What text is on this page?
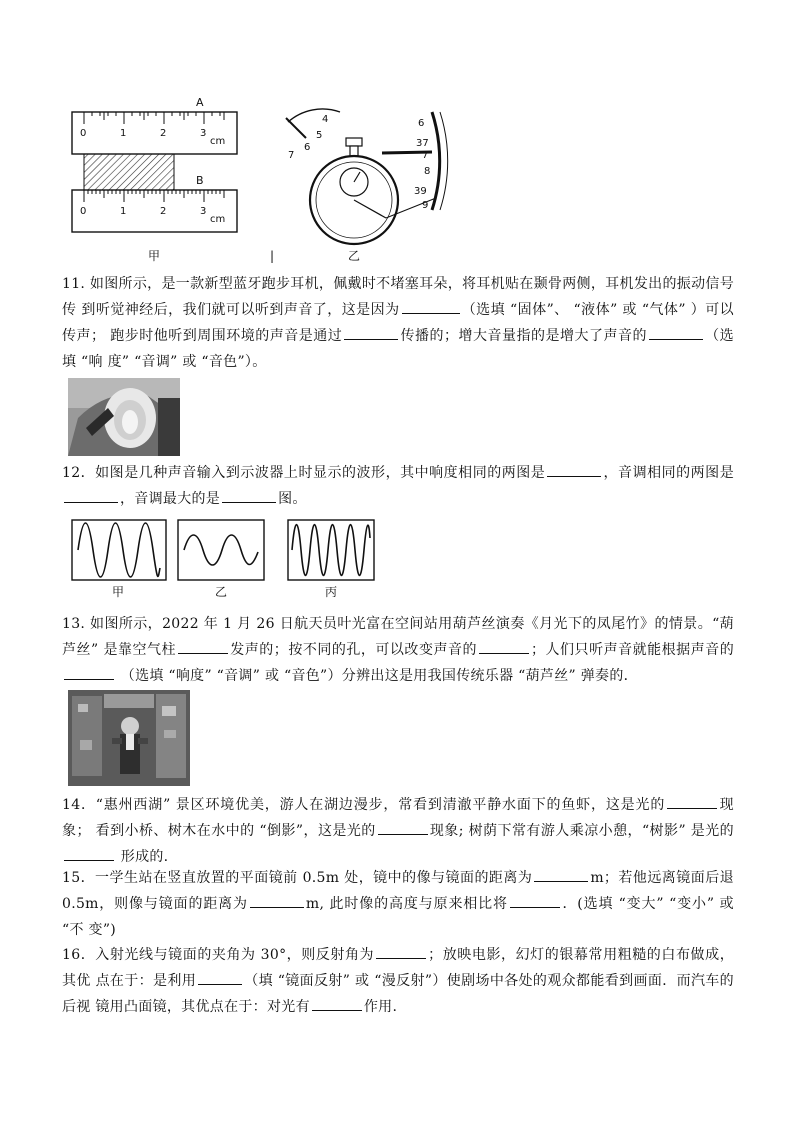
A
0	1	2	3
cm
B
0	1	2	3
cm
甲	|
4
5
6
7
6
37
7
8
39
9
乙
11. 如图所示，是一款新型蓝牙跑步耳机，佩戴时不堵塞耳朵，将耳机贴在颞骨两侧，耳机发出的振动信号传 到听觉神经后，我们就可以听到声音了，这是因为	（选填 “固体”、 “液体” 或 “气体” ）可以传声； 跑步时他听到周围环境的声音是通过	传播的；增大音量指的是增大了声音的	（选填 “响 度” “音调” 或 “音色”）。
12．如图是几种声音输入到示波器上时显示的波形，其中响度相同的两图是	，音调相同的两图是 ，音调最大的是	图。
甲	乙	丙
13. 如图所示，2022 年 1 月 26 日航天员叶光富在空间站用葫芦丝演奏《月光下的凤尾竹》的情景。“葫芦丝” 是靠空气柱	发声的；按不同的孔，可以改变声音的	；人们只听声音就能根据声音的 （选填 “响度” “音调” 或 “音色”）分辨出这是用我国传统乐器 “葫芦丝” 弹奏的．
14．“惠州西湖” 景区环境优美，游人在湖边漫步，常看到清澈平静水面下的鱼虾，这是光的	现象； 看到小桥、树木在水中的 “倒影”，这是光的	现象; 树荫下常有游人乘凉小憩，“树影” 是光的 形成的.
15．一学生站在竖直放置的平面镜前 0.5m 处，镜中的像与镜面的距离为	m；若他远离镜面后退 0.5m，则像与镜面的距离为	m, 此时像的高度与原来相比将	．(选填 “变大” “变小” 或 “不 变”)
16．入射光线与镜面的夹角为 30°，则反射角为	；放映电影，幻灯的银幕常用粗糙的白布做成，其优 点在于：是利用	（填 “镜面反射” 或 “漫反射”）使剧场中各处的观众都能看到画面．而汽车的后视 镜用凸面镜，其优点在于：对光有	作用.
